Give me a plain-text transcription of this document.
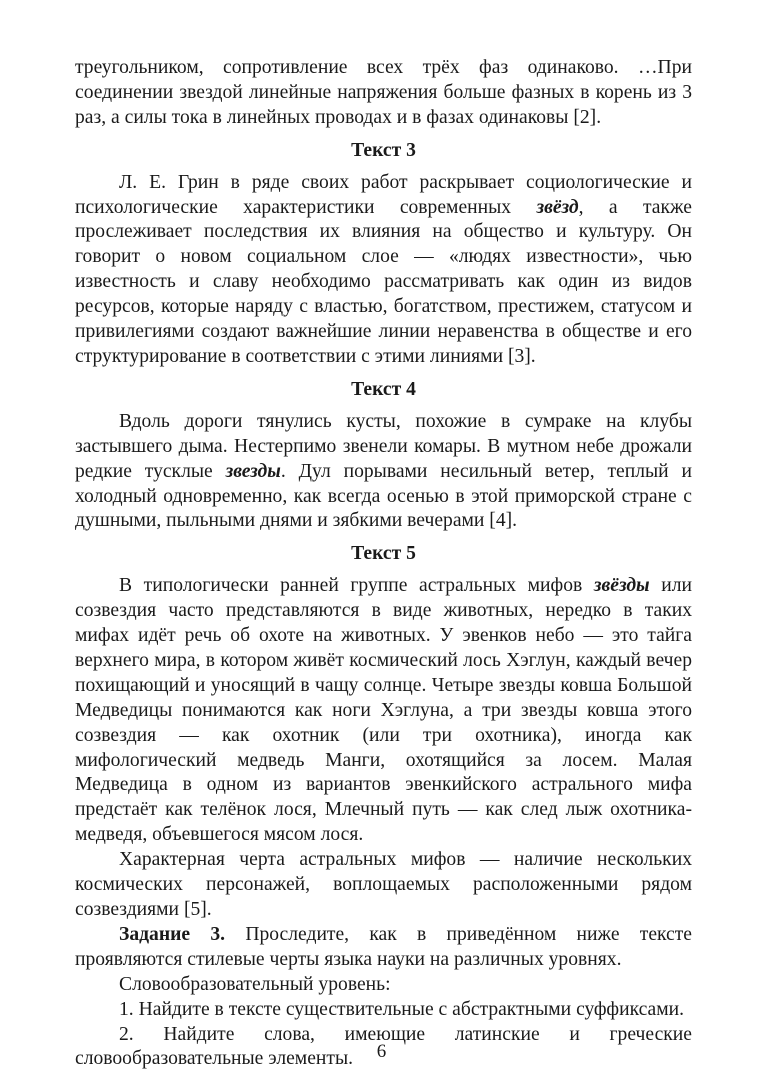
треугольником, сопротивление всех трёх фаз одинаково. …При соединении звездой линейные напряжения больше фазных в корень из 3 раз, а силы тока в линейных проводах и в фазах одинаковы [2].

Текст 3

Л. Е. Грин в ряде своих работ раскрывает социологические и психологические характеристики современных звёзд, а также прослеживает последствия их влияния на общество и культуру. Он говорит о новом социальном слое — «людях известности», чью известность и славу необходимо рассматривать как один из видов ресурсов, которые наряду с властью, богатством, престижем, статусом и привилегиями создают важнейшие линии неравенства в обществе и его структурирование в соответствии с этими линиями [3].

Текст 4

Вдоль дороги тянулись кусты, похожие в сумраке на клубы застывшего дыма. Нестерпимо звенели комары. В мутном небе дрожали редкие тусклые звезды. Дул порывами несильный ветер, теплый и холодный одновременно, как всегда осенью в этой приморской стране с душными, пыльными днями и зябкими вечерами [4].

Текст 5

В типологически ранней группе астральных мифов звёзды или созвездия часто представляются в виде животных, нередко в таких мифах идёт речь об охоте на животных. У эвенков небо — это тайга верхнего мира, в котором живёт космический лось Хэглун, каждый вечер похищающий и уносящий в чащу солнце. Четыре звезды ковша Большой Медведицы понимаются как ноги Хэглуна, а три звезды ковша этого созвездия — как охотник (или три охотника), иногда как мифологический медведь Манги, охотящийся за лосем. Малая Медведица в одном из вариантов эвенкийского астрального мифа предстаёт как телёнок лося, Млечный путь — как след лыж охотника-медведя, объевшегося мясом лося.

Характерная черта астральных мифов — наличие нескольких космических персонажей, воплощаемых расположенными рядом созвездиями [5].

Задание 3. Проследите, как в приведённом ниже тексте проявляются стилевые черты языка науки на различных уровнях.

Словообразовательный уровень:

1. Найдите в тексте существительные с абстрактными суффиксами.

2. Найдите слова, имеющие латинские и греческие словообразовательные элементы.	6
